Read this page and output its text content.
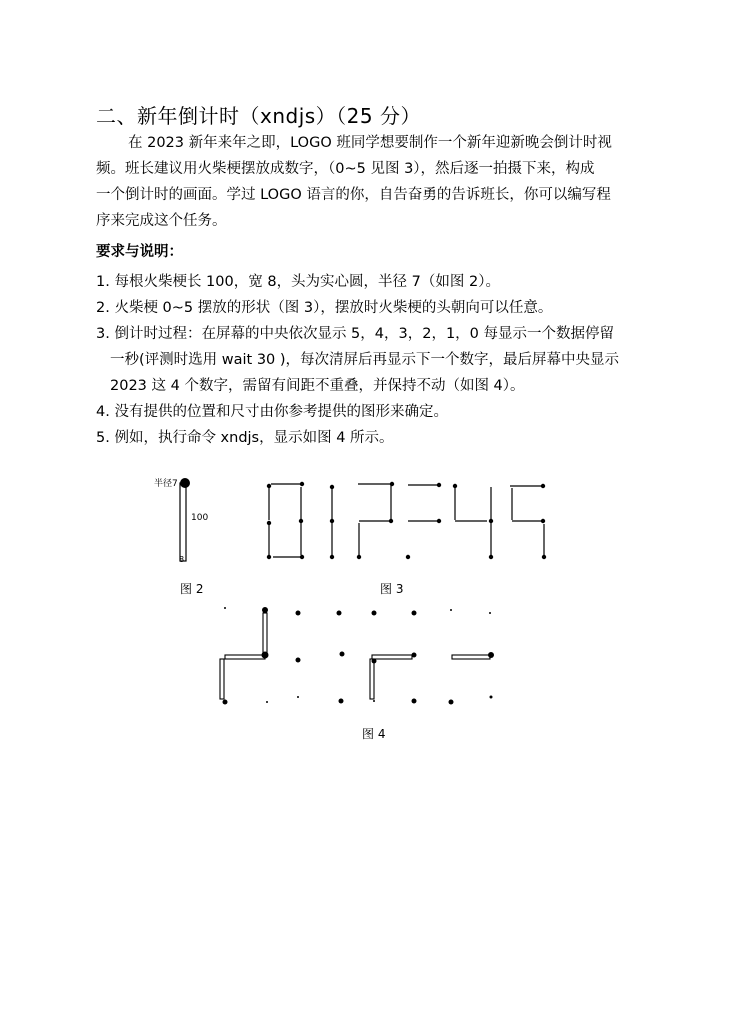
二、新年倒计时（xndjs）（25 分）
在 2023 新年来年之即，LOGO 班同学想要制作一个新年迎新晚会倒计时视
频。班长建议用火柴梗摆放成数字，（0~5 见图 3），然后逐一拍摄下来，构成
一个倒计时的画面。学过 LOGO 语言的你，自告奋勇的告诉班长，你可以编写程
序来完成这个任务。
要求与说明：
1. 每根火柴梗长 100，宽 8，头为实心圆，半径 7（如图 2）。
2. 火柴梗 0~5 摆放的形状（图 3），摆放时火柴梗的头朝向可以任意。
3. 倒计时过程：在屏幕的中央依次显示 5，4，3，2，1，0 每显示一个数据停留
一秒(评测时选用 wait 30 )，每次清屏后再显示下一个数字，最后屏幕中央显示
2023 这 4 个数字，需留有间距不重叠，并保持不动（如图 4）。
4. 没有提供的位置和尺寸由你参考提供的图形来确定。
5. 例如，执行命令 xndjs，显示如图 4 所示。
半径7
100
8
图 2	图 3
图 4
